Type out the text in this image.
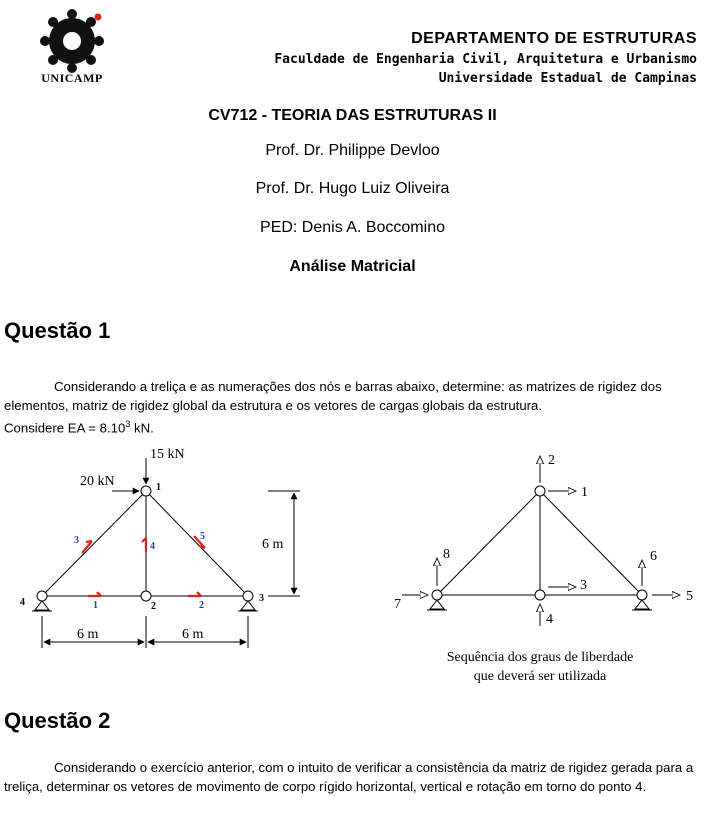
UNICAMP
DEPARTAMENTO DE ESTRUTURAS
Faculdade de Engenharia Civil, Arquitetura e Urbanismo
Universidade Estadual de Campinas
CV712 - TEORIA DAS ESTRUTURAS II
Prof. Dr. Philippe Devloo
Prof. Dr. Hugo Luiz Oliveira
PED: Denis A. Boccomino
Análise Matricial
Questão 1
Considerando a treliça e as numerações dos nós e barras abaixo, determine: as matrizes de rigidez dos elementos, matriz de rigidez global da estrutura e os vetores de cargas globais da estrutura.
Considere EA = $8.10^3$ kN.
15 kN
20 kN
6 m
6 m	6 m
1
2
3
4	1	2
3
4
5
1
2
3
4
5
6
7
8
Sequência dos graus de liberdade
que deverá ser utilizada
Questão 2
Considerando o exercício anterior, com o intuito de verificar a consistência da matriz de rigidez gerada para a treliça, determinar os vetores de movimento de corpo rígido horizontal, vertical e rotação em torno do ponto 4.
